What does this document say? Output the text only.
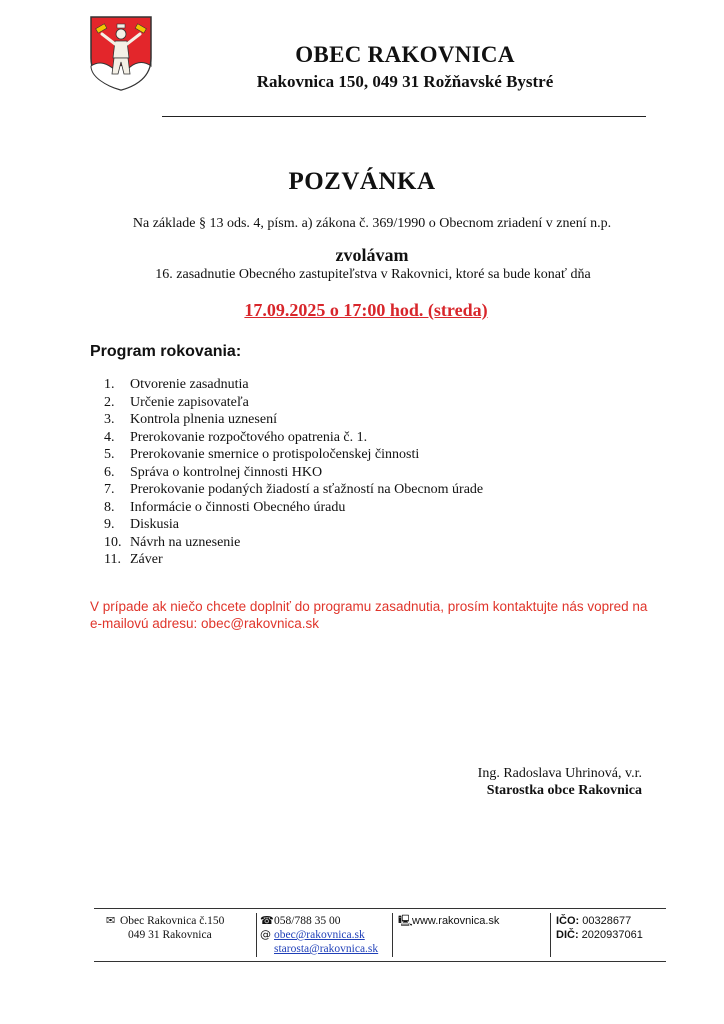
OBEC RAKOVNICA
Rakovnica 150, 049 31 Rožňavské Bystré
POZVÁNKA
Na základe § 13 ods. 4, písm. a) zákona č. 369/1990 o Obecnom zriadení v znení n.p.
zvolávam
16. zasadnutie Obecného zastupiteľstva v Rakovnici, ktoré sa bude konať dňa
17.09.2025 o 17:00 hod. (streda)
Program rokovania:
1. Otvorenie zasadnutia
2. Určenie zapisovateľa
3. Kontrola plnenia uznesení
4. Prerokovanie rozpočtového opatrenia č. 1.
5. Prerokovanie smernice o protispoločenskej činnosti
6. Správa o kontrolnej činnosti HKO
7. Prerokovanie podaných žiadostí a sťažností na Obecnom úrade
8. Informácie o činnosti Obecného úradu
9. Diskusia
10. Návrh na uznesenie
11. Záver
V prípade ak niečo chcete doplniť do programu zasadnutia, prosím kontaktujte nás vopred na
e-mailovú adresu: obec@rakovnica.sk
Ing. Radoslava Uhrinová, v.r.
Starostka obce Rakovnica
✉ Obec Rakovnica č.150
049 31 Rakovnica
☎058/788 35 00
@ obec@rakovnica.sk
starosta@rakovnica.sk
🖳www.rakovnica.sk	IČO: 00328677
DIČ: 2020937061
